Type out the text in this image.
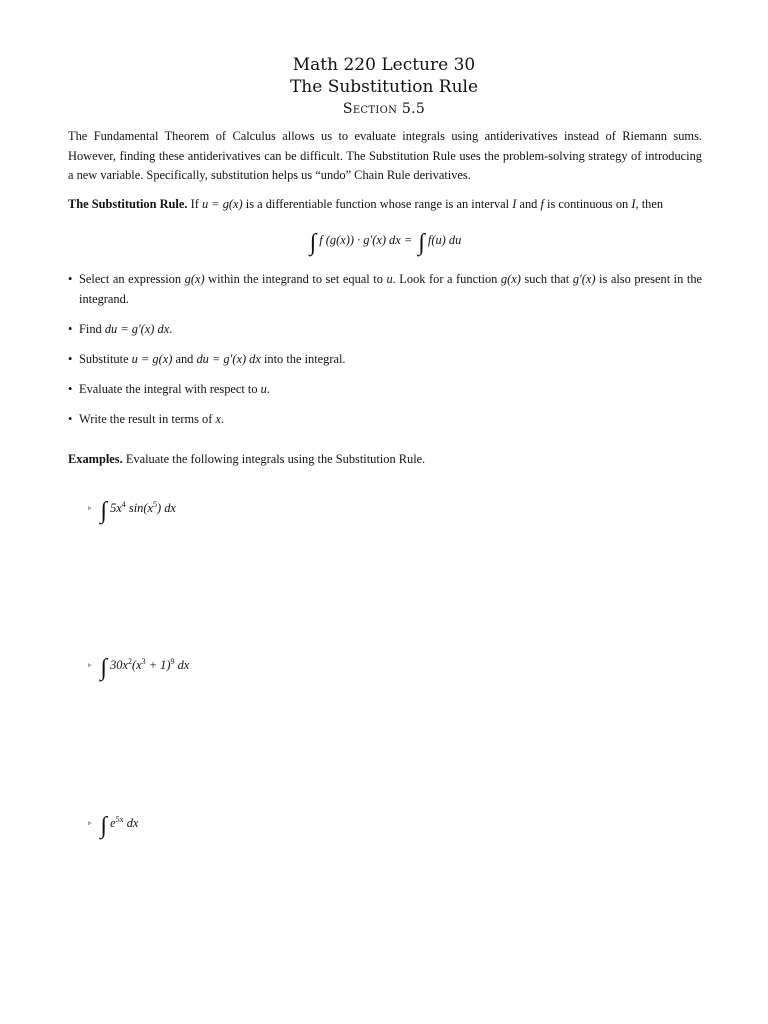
Math 220 Lecture 30
The Substitution Rule
Section 5.5
The Fundamental Theorem of Calculus allows us to evaluate integrals using antiderivatives instead of Riemann sums. However, finding these antiderivatives can be difficult. The Substitution Rule uses the problem-solving strategy of introducing a new variable. Specifically, substitution helps us “undo” Chain Rule derivatives.
The Substitution Rule. If u = g(x) is a differentiable function whose range is an interval I and f is continuous on I, then
∫ f (g(x)) · g′(x) dx = ∫ f(u) du
• Select an expression g(x) within the integrand to set equal to u. Look for a function g(x) such that g′(x) is also present in the integrand.
• Find du = g′(x) dx.
• Substitute u = g(x) and du = g′(x) dx into the integral.
• Evaluate the integral with respect to u.
• Write the result in terms of x.
Examples. Evaluate the following integrals using the Substitution Rule.
▹ ∫ $5x^4$ $\sin(x^5)$ dx
▹ ∫ $30x^2(x^3 + 1)^9$ dx
▹ ∫ $e^{5x}$ dx
